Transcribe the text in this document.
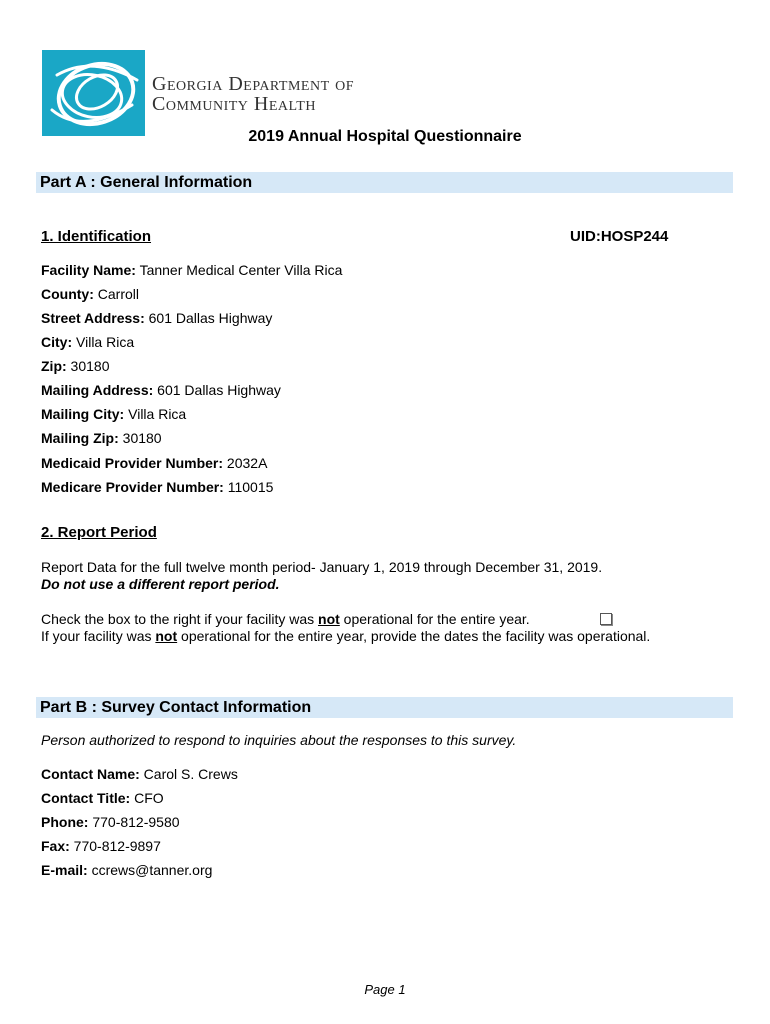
Georgia Department of
Community Health
2019 Annual Hospital Questionnaire
Part A : General Information
1. Identification	UID:HOSP244
Facility Name: Tanner Medical Center Villa Rica
County: Carroll
Street Address: 601 Dallas Highway
City: Villa Rica
Zip: 30180
Mailing Address: 601 Dallas Highway
Mailing City: Villa Rica
Mailing Zip: 30180
Medicaid Provider Number: 2032A
Medicare Provider Number: 110015
2. Report Period
Report Data for the full twelve month period- January 1, 2019 through December 31, 2019.
Do not use a different report period.
Check the box to the right if your facility was not operational for the entire year.
If your facility was not operational for the entire year, provide the dates the facility was operational.
Part B : Survey Contact Information
Person authorized to respond to inquiries about the responses to this survey.
Contact Name: Carol S. Crews
Contact Title: CFO
Phone: 770-812-9580
Fax: 770-812-9897
E-mail: ccrews@tanner.org
Page 1
